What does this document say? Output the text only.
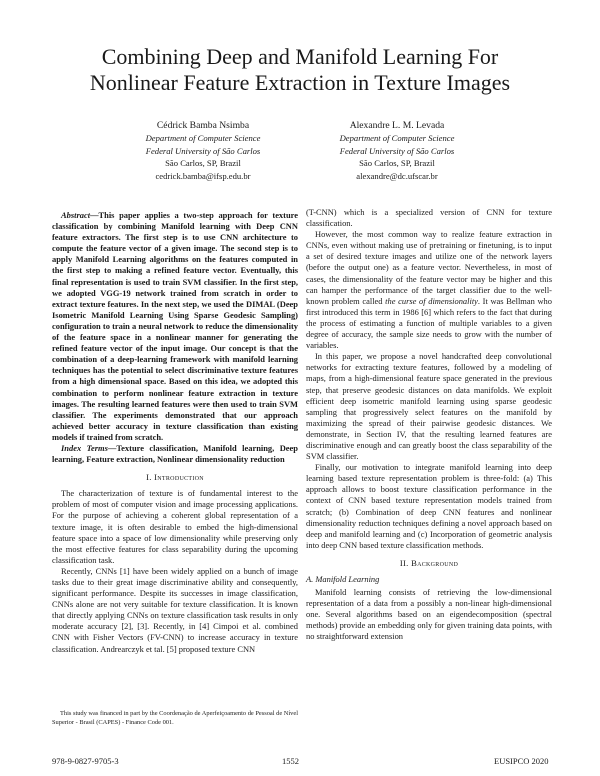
Combining Deep and Manifold Learning For
Nonlinear Feature Extraction in Texture Images
Cédrick Bamba Nsimba
Department of Computer Science
Federal University of São Carlos
São Carlos, SP, Brazil
cedrick.bamba@ifsp.edu.br
Alexandre L. M. Levada
Department of Computer Science
Federal University of São Carlos
São Carlos, SP, Brazil
alexandre@dc.ufscar.br

Abstract—This paper applies a two-step approach for texture classification by combining Manifold learning with Deep CNN feature extractors. The first step is to use CNN architecture to compute the feature vector of a given image. The second step is to apply Manifold Learning algorithms on the features computed in the first step to making a refined feature vector. Eventually, this final representation is used to train SVM classifier. In the first step, we adopted VGG-19 network trained from scratch in order to extract texture features. In the next step, we used the DIMAL (Deep Isometric Manifold Learning Using Sparse Geodesic Sampling) configuration to train a neural network to reduce the dimensionality of the feature space in a nonlinear manner for generating the refined feature vector of the input image. Our concept is that the combination of a deep-learning framework with manifold learning techniques has the potential to select discriminative texture features from a high dimensional space. Based on this idea, we adopted this combination to perform nonlinear feature extraction in texture images. The resulting learned features were then used to train SVM classifier. The experiments demonstrated that our approach achieved better accuracy in texture classification than existing models if trained from scratch.

Index Terms—Texture classification, Manifold learning, Deep learning, Feature extraction, Nonlinear dimensionality reduction

I. Introduction

The characterization of texture is of fundamental interest to the problem of most of computer vision and image processing applications. For the purpose of achieving a coherent global representation of a texture image, it is often desirable to embed the high-dimensional feature space into a space of low dimensionality while preserving only the most effective features for class separability during the upcoming classification task.

Recently, CNNs [1] have been widely applied on a bunch of image tasks due to their great image discriminative ability and consequently, significant performance. Despite its successes in image classification, CNNs alone are not very suitable for texture classification. It is known that directly applying CNNs on texture classification task results in only moderate accuracy [2], [3]. Recently, in [4] Cimpoi et al. combined CNN with Fisher Vectors (FV-CNN) to increase accuracy in texture classification. Andrearczyk et tal. [5] proposed texture CNN

(T-CNN) which is a specialized version of CNN for texture classification.

However, the most common way to realize feature extraction in CNNs, even without making use of pretraining or finetuning, is to input a set of desired texture images and utilize one of the network layers (before the output one) as a feature vector. Nevertheless, in most of cases, the dimensionality of the feature vector may be higher and this can hamper the performance of the target classifier due to the well-known problem called the curse of dimensionality. It was Bellman who first introduced this term in 1986 [6] which refers to the fact that during the process of estimating a function of multiple variables to a given degree of accuracy, the sample size needs to grow with the number of variables.

In this paper, we propose a novel handcrafted deep convolutional networks for extracting texture features, followed by a modeling of maps, from a high-dimensional feature space generated in the previous step, that preserve geodesic distances on data manifolds. We exploit efficient deep isometric manifold learning using sparse geodesic sampling that progressively select features on the manifold by maximizing the spread of their pairwise geodesic distances. We demonstrate, in Section IV, that the resulting learned features are discriminative enough and can greatly boost the class separability of the SVM classifier.

Finally, our motivation to integrate manifold learning into deep learning based texture representation problem is three-fold: (a) This approach allows to boost texture classification performance in the context of CNN based texture representation models trained from scratch; (b) Combination of deep CNN features and nonlinear dimensionality reduction techniques defining a novel approach based on deep and manifold learning and (c) Incorporation of geometric analysis into deep CNN based texture classification methods.

II. Background

A. Manifold Learning

Manifold learning consists of retrieving the low-dimensional representation of a data from a possibly a non-linear high-dimensional one. Several algorithms based on an eigendecomposition (spectral methods) provide an embedding only for given training data points, with no straightforward extension

This study was financed in part by the Coordenação de Aperfeiçoamento de Pessoal de Nível Superior - Brasil (CAPES) - Finance Code 001.
978-9-0827-9705-3	1552	EUSIPCO 2020
